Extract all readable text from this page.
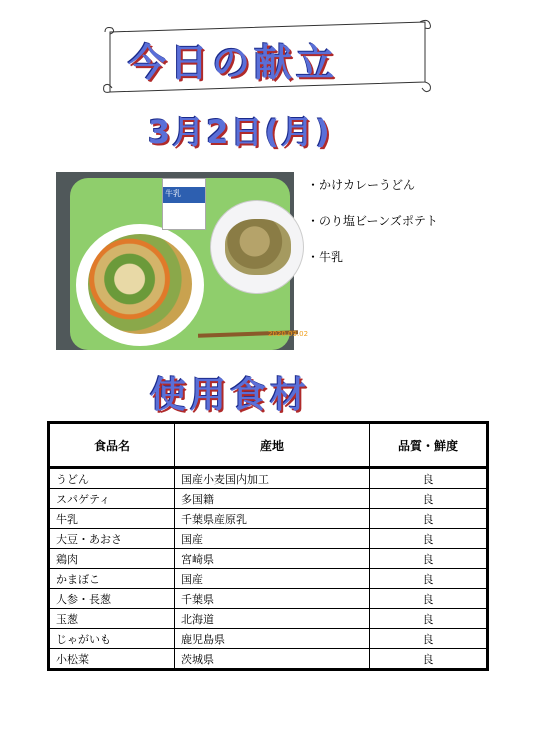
今日の献立
3月2日(月)
牛乳
2020.03.02
・かけカレーうどん
・のり塩ビーンズポテト
・牛乳
使用食材
食品名	産地	品質・鮮度
うどん	国産小麦国内加工	良
スパゲティ	多国籍	良
牛乳	千葉県産原乳	良
大豆・あおさ	国産	良
鶏肉	宮崎県	良
かまぼこ	国産	良
人参・長葱	千葉県	良
玉葱	北海道	良
じゃがいも	鹿児島県	良
小松菜	茨城県	良
